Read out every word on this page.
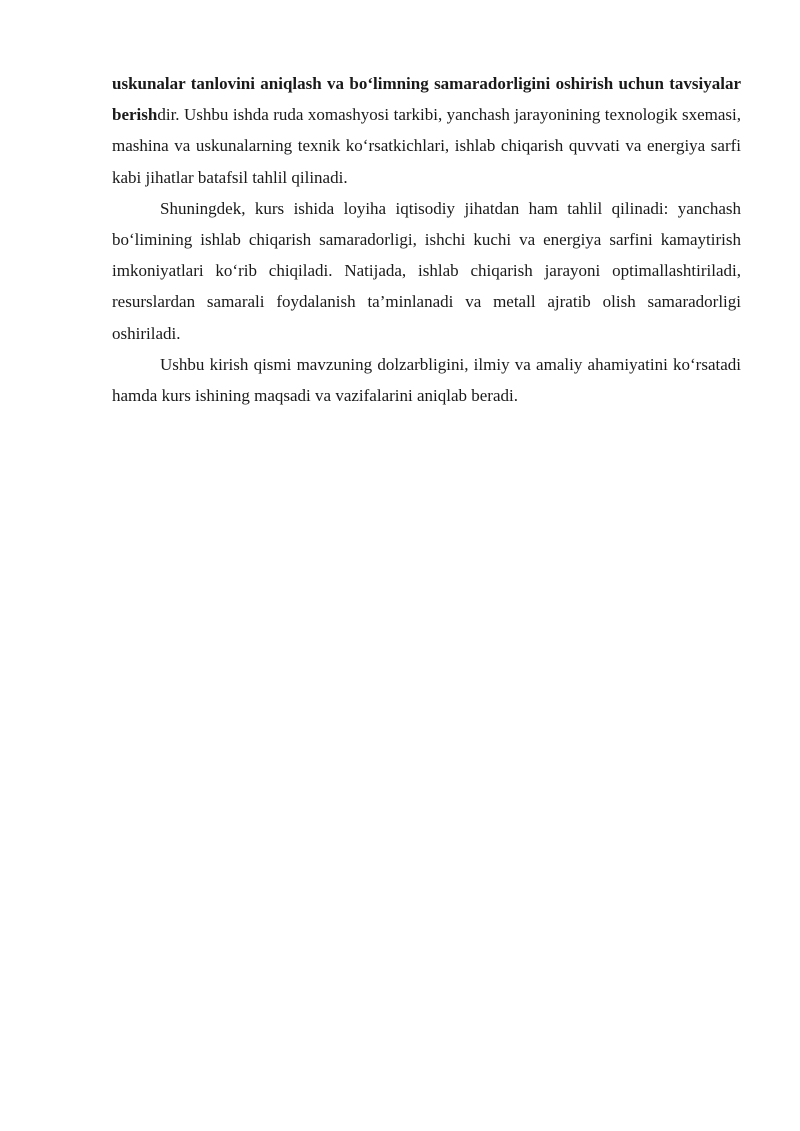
uskunalar tanlovini aniqlash va bo‘limning samaradorligini oshirish uchun tavsiyalar berishdir. Ushbu ishda ruda xomashyosi tarkibi, yanchash jarayonining texnologik sxemasi, mashina va uskunalarning texnik ko‘rsatkichlari, ishlab chiqarish quvvati va energiya sarfi kabi jihatlar batafsil tahlil qilinadi.

Shuningdek, kurs ishida loyiha iqtisodiy jihatdan ham tahlil qilinadi: yanchash bo‘limining ishlab chiqarish samaradorligi, ishchi kuchi va energiya sarfini kamaytirish imkoniyatlari ko‘rib chiqiladi. Natijada, ishlab chiqarish jarayoni optimallashtiriladi, resurslardan samarali foydalanish ta’minlanadi va metall ajratib olish samaradorligi oshiriladi.

Ushbu kirish qismi mavzuning dolzarbligini, ilmiy va amaliy ahamiyatini ko‘rsatadi hamda kurs ishining maqsadi va vazifalarini aniqlab beradi.
